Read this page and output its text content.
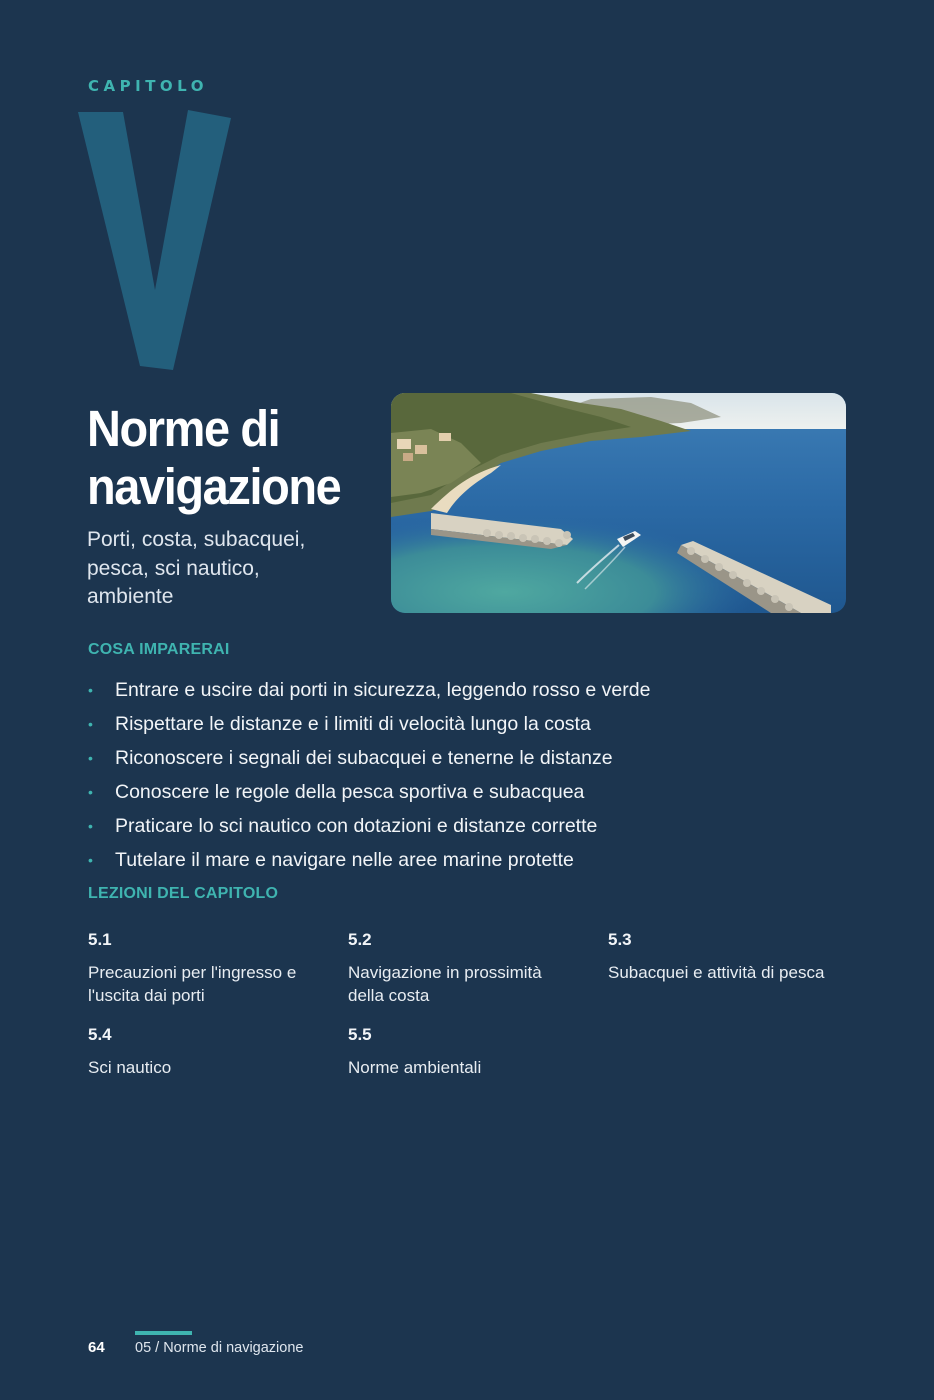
CAPITOLO
Norme di
navigazione
Porti, costa, subacquei, pesca, sci nautico, ambiente
COSA IMPARERAI
• Entrare e uscire dai porti in sicurezza, leggendo rosso e verde
• Rispettare le distanze e i limiti di velocità lungo la costa
• Riconoscere i segnali dei subacquei e tenerne le distanze
• Conoscere le regole della pesca sportiva e subacquea
• Praticare lo sci nautico con dotazioni e distanze corrette
• Tutelare il mare e navigare nelle aree marine protette
LEZIONI DEL CAPITOLO
5.1
Precauzioni per l'ingresso e l'uscita dai porti
5.2
Navigazione in prossimità della costa
5.3
Subacquei e attività di pesca
5.4
Sci nautico
5.5
Norme ambientali
64 05 / Norme di navigazione
